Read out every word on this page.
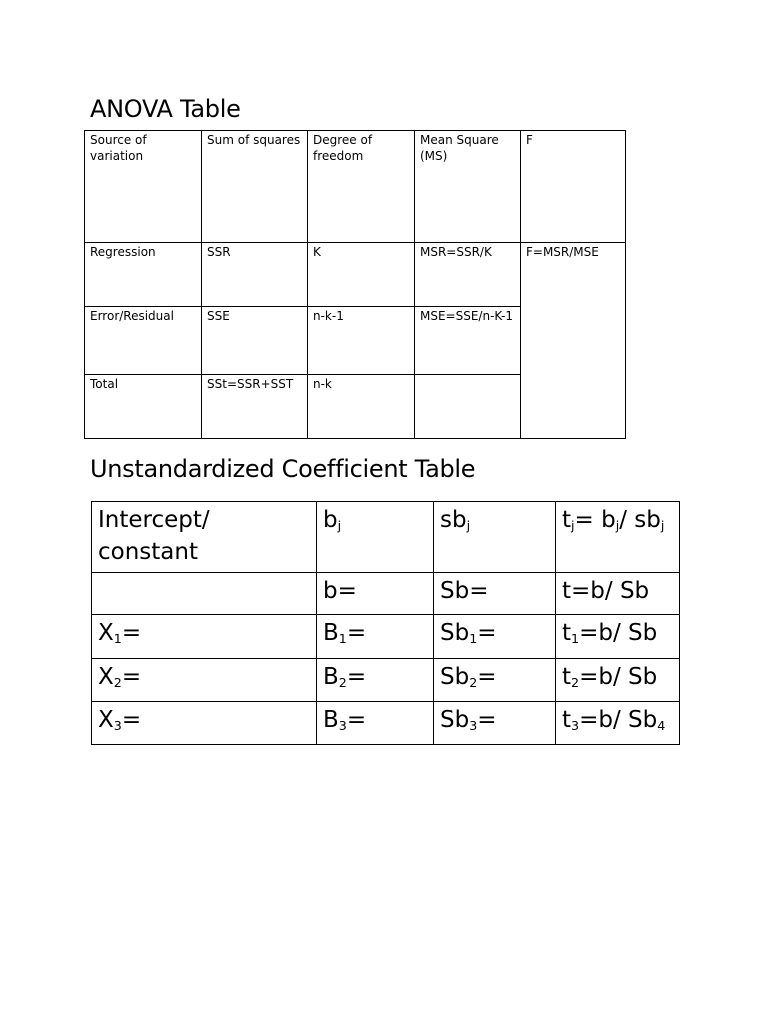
ANOVA Table
Source of variation	Sum of squares	Degree of freedom	Mean Square (MS)	F
Regression	SSR	K	MSR=SSR/K	F=MSR/MSE
Error/Residual	SSE	n-k-1	MSE=SSE/n-K-1	
Total	SSt=SSR+SST	n-k		
Unstandardized Coefficient Table
Intercept/ constant	$b_j$	$sb_j$	$t_j= b_j/$ $sb_j$
	b=	Sb=	t=b/ Sb
$X_1=$	$B_1=$	$Sb_1=$	$t_1=b/$ Sb
$X_2=$	$B_2=$	$Sb_2=$	$t_2=b/$ Sb
$X_3=$	$B_3=$	$Sb_3=$	$t_3=b/$ $Sb_4$
